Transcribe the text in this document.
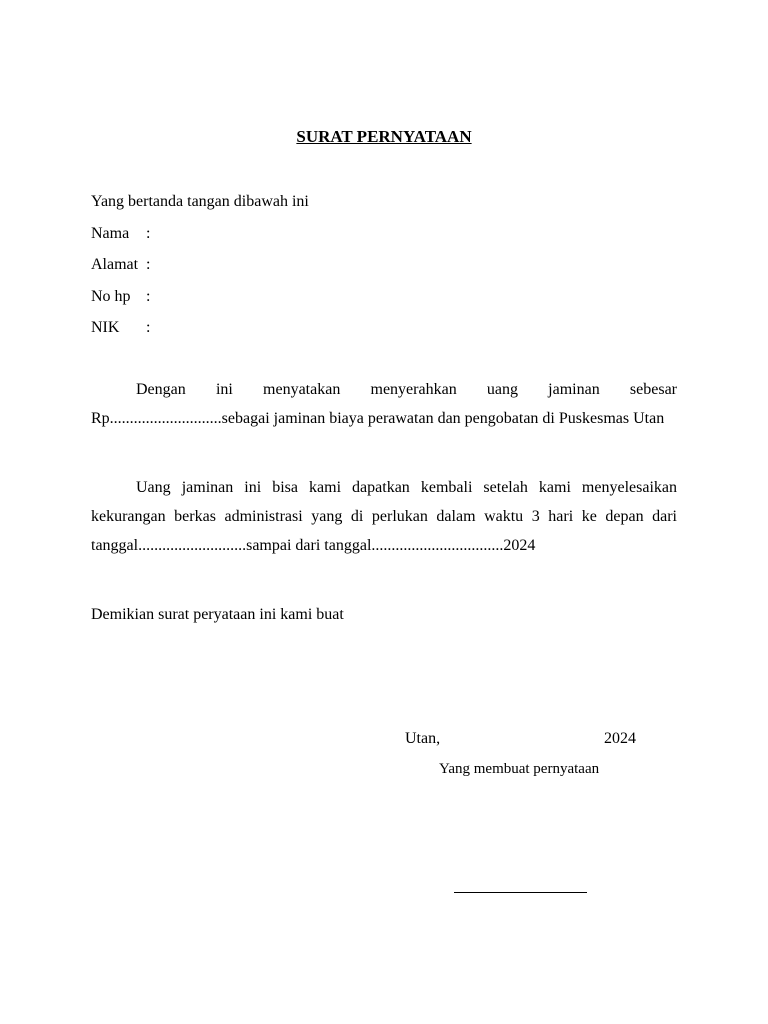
SURAT PERNYATAAN
Yang bertanda tangan dibawah ini
Nama :
Alamat :
No hp :
NIK :

Dengan ini menyatakan menyerahkan uang jaminan sebesar Rp............................sebagai jaminan biaya perawatan dan pengobatan di Puskesmas Utan

Uang jaminan ini bisa kami dapatkan kembali setelah kami menyelesaikan kekurangan berkas administrasi yang di perlukan dalam waktu 3 hari ke depan dari tanggal...........................sampai dari tanggal.................................2024

Demikian surat peryataan ini kami buat
Utan,	2024
Yang membuat pernyataan
